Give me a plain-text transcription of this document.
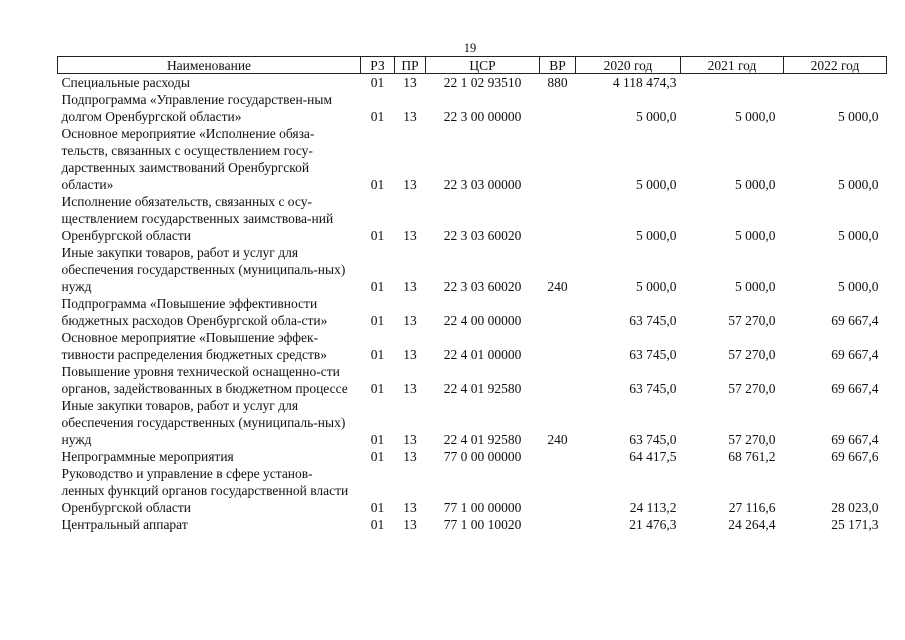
19
Наименование	РЗ	ПР	ЦСР	ВР	2020 год	2021 год	2022 год
Специальные расходы	01	13	22 1 02 93510	880	4 118 474,3		
Подпрограмма «Управление государствен-ным долгом Оренбургской области»	01	13	22 3 00 00000		5 000,0	5 000,0	5 000,0
Основное мероприятие «Исполнение обяза-тельств, связанных с осуществлением госу-дарственных заимствований Оренбургской области»	01	13	22 3 03 00000		5 000,0	5 000,0	5 000,0
Исполнение обязательств, связанных с осу-ществлением государственных заимствова-ний Оренбургской области	01	13	22 3 03 60020		5 000,0	5 000,0	5 000,0
Иные закупки товаров, работ и услуг для обеспечения государственных (муниципаль-ных) нужд	01	13	22 3 03 60020	240	5 000,0	5 000,0	5 000,0
Подпрограмма «Повышение эффективности бюджетных расходов Оренбургской обла-сти»	01	13	22 4 00 00000		63 745,0	57 270,0	69 667,4
Основное мероприятие «Повышение эффек-тивности распределения бюджетных средств»	01	13	22 4 01 00000		63 745,0	57 270,0	69 667,4
Повышение уровня технической оснащенно-сти органов, задействованных в бюджетном процессе	01	13	22 4 01 92580		63 745,0	57 270,0	69 667,4
Иные закупки товаров, работ и услуг для обеспечения государственных (муниципаль-ных) нужд	01	13	22 4 01 92580	240	63 745,0	57 270,0	69 667,4
Непрограммные мероприятия	01	13	77 0 00 00000		64 417,5	68 761,2	69 667,6
Руководство и управление в сфере установ-ленных функций органов государственной власти Оренбургской области	01	13	77 1 00 00000		24 113,2	27 116,6	28 023,0
Центральный аппарат	01	13	77 1 00 10020		21 476,3	24 264,4	25 171,3
